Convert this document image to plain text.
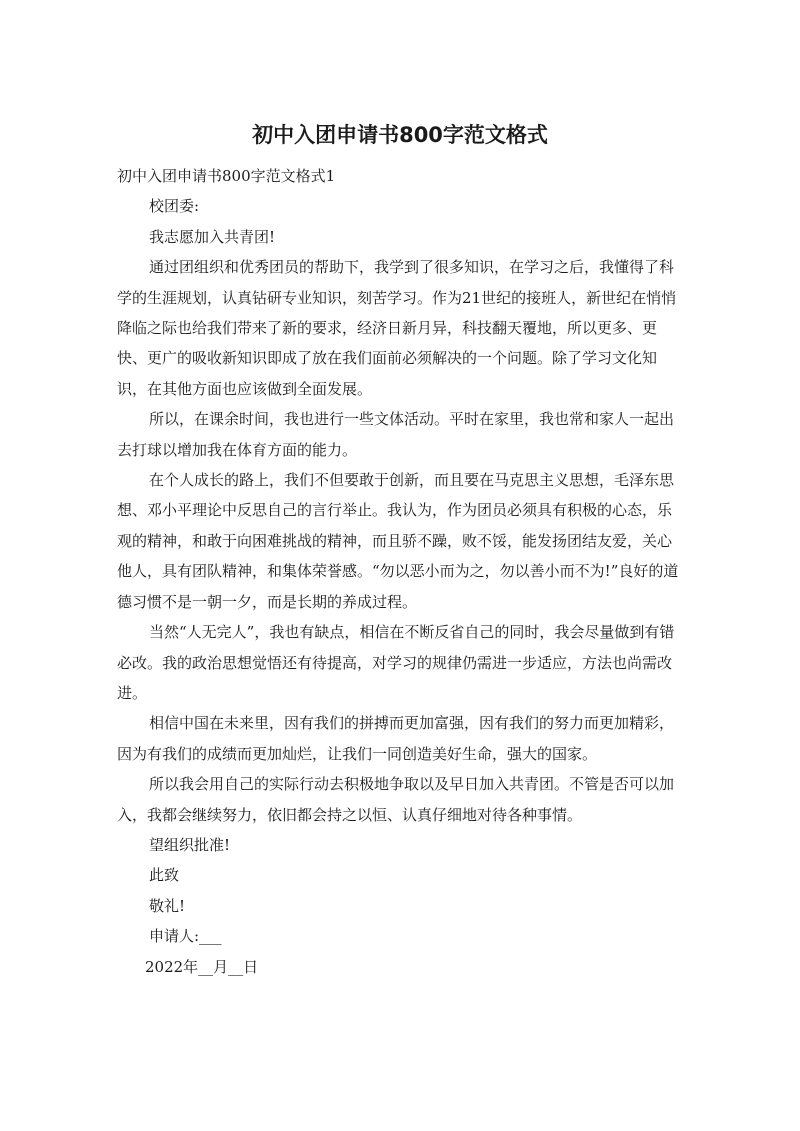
初中入团申请书800字范文格式

初中入团申请书800字范文格式1

校团委:

我志愿加入共青团!

通过团组织和优秀团员的帮助下，我学到了很多知识，在学习之后，我懂得了科学的生涯规划，认真钻研专业知识，刻苦学习。作为21世纪的接班人，新世纪在悄悄降临之际也给我们带来了新的要求，经济日新月异，科技翻天覆地，所以更多、更快、更广的吸收新知识即成了放在我们面前必须解决的一个问题。除了学习文化知识，在其他方面也应该做到全面发展。

所以，在课余时间，我也进行一些文体活动。平时在家里，我也常和家人一起出去打球以增加我在体育方面的能力。

在个人成长的路上，我们不但要敢于创新，而且要在马克思主义思想，毛泽东思想、邓小平理论中反思自己的言行举止。我认为，作为团员必须具有积极的心态，乐观的精神，和敢于向困难挑战的精神，而且骄不躁，败不馁，能发扬团结友爱，关心他人，具有团队精神，和集体荣誉感。“勿以恶小而为之，勿以善小而不为!”良好的道德习惯不是一朝一夕，而是长期的养成过程。

当然“人无完人”，我也有缺点，相信在不断反省自己的同时，我会尽量做到有错必改。我的政治思想觉悟还有待提高，对学习的规律仍需进一步适应，方法也尚需改进。

相信中国在未来里，因有我们的拼搏而更加富强，因有我们的努力而更加精彩，因为有我们的成绩而更加灿烂，让我们一同创造美好生命，强大的国家。

所以我会用自己的实际行动去积极地争取以及早日加入共青团。不管是否可以加入，我都会继续努力，依旧都会持之以恒、认真仔细地对待各种事情。

望组织批准!

此致

敬礼!

申请人:___

2022年__月__日
